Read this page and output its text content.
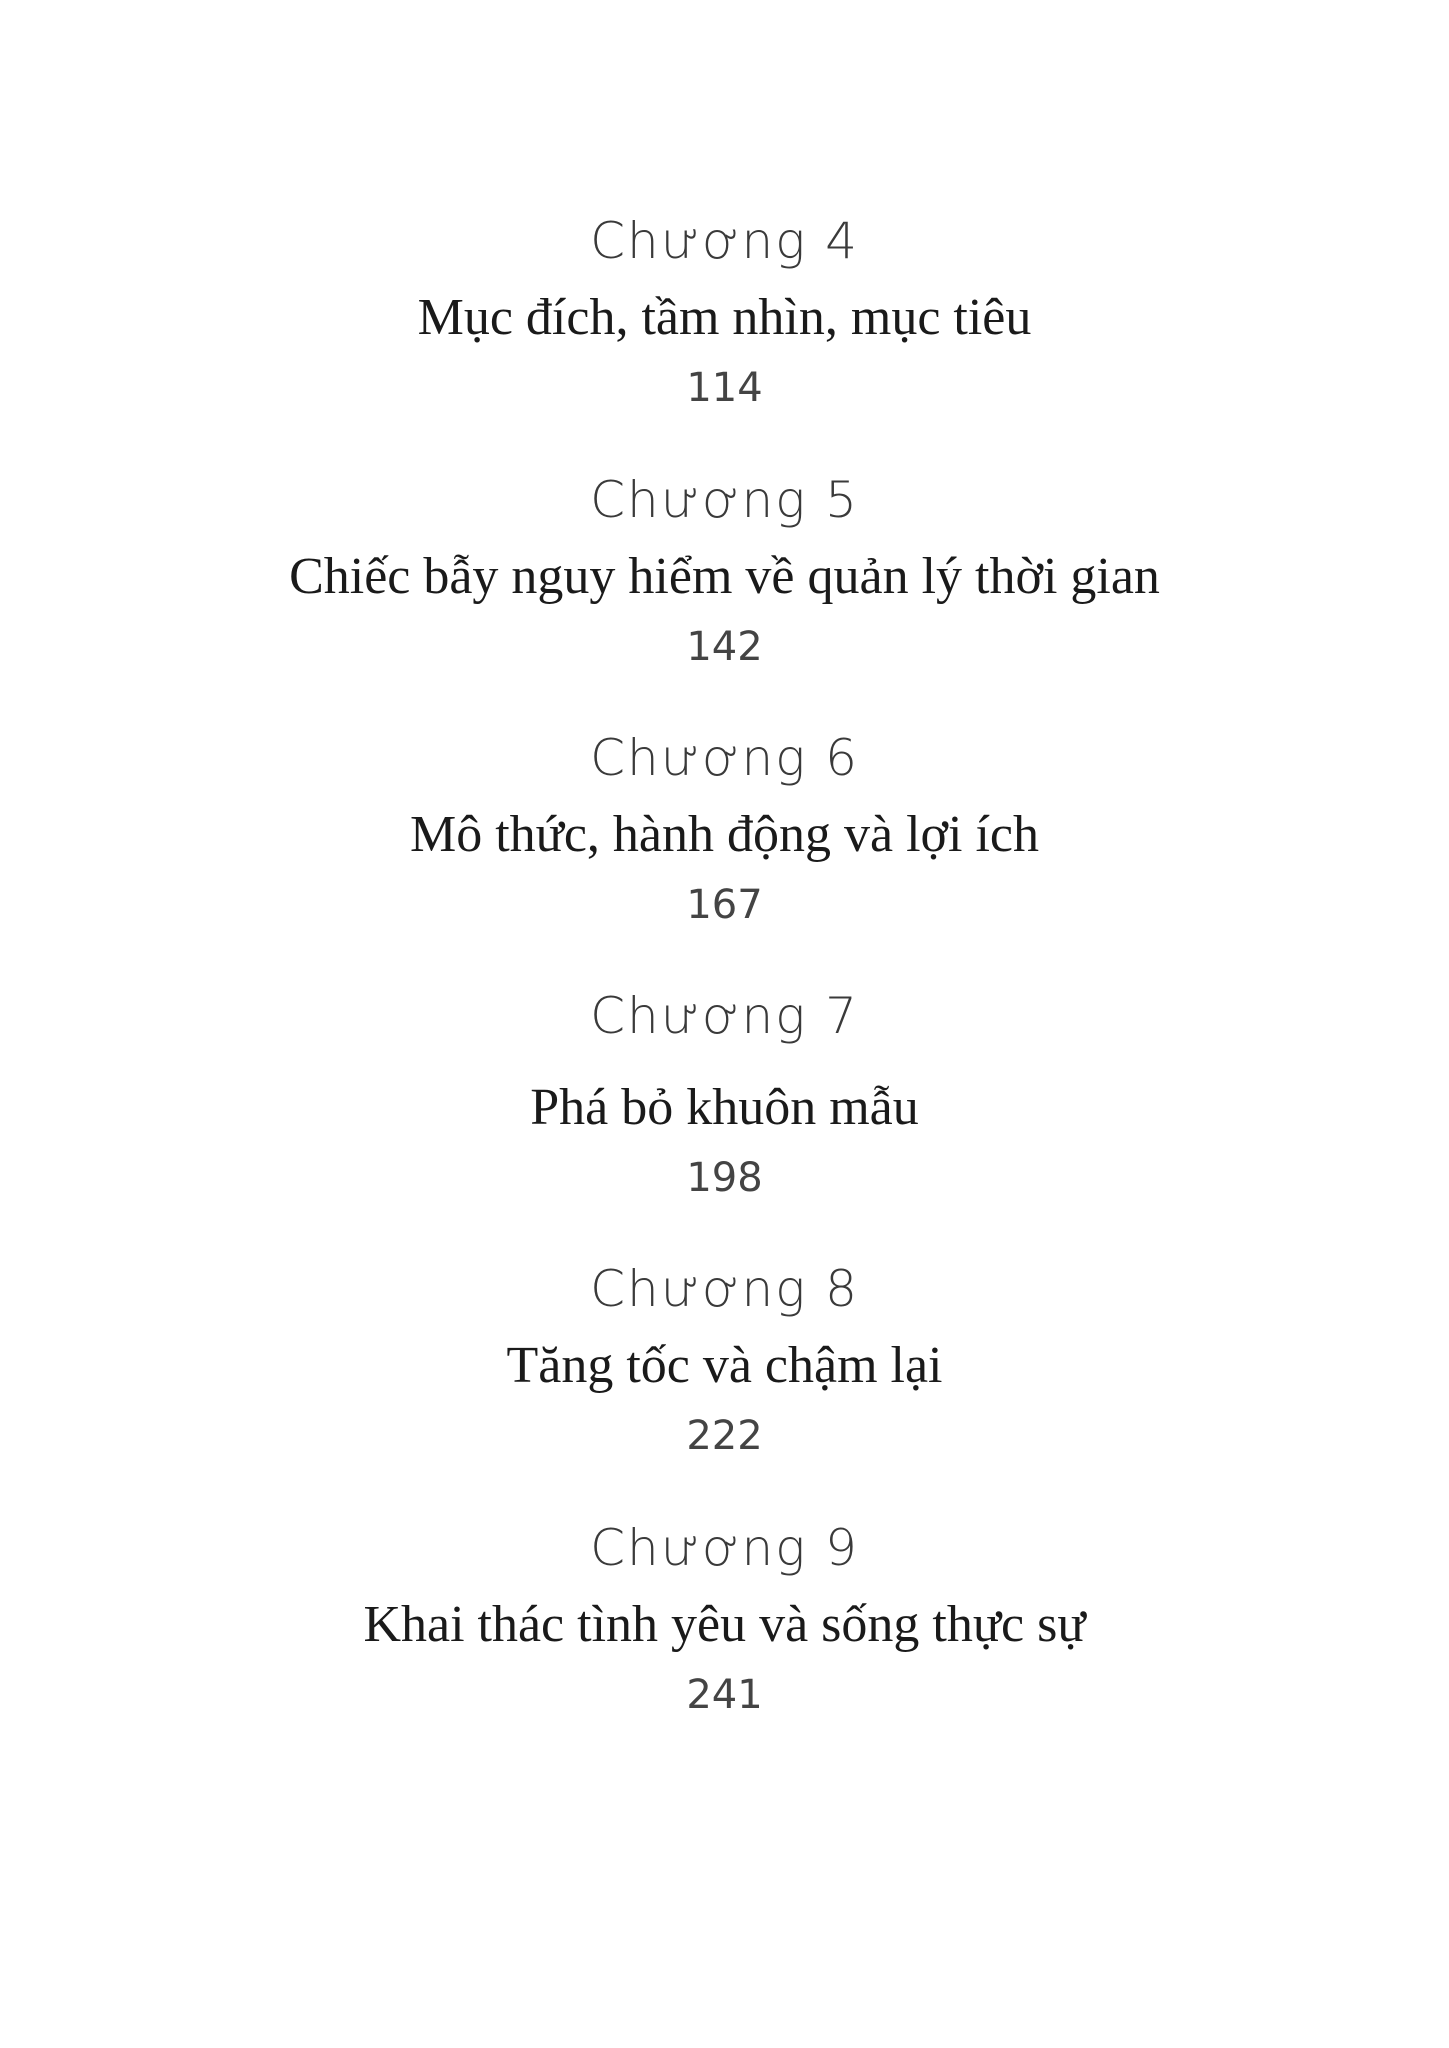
Chương 4
Mục đích, tầm nhìn, mục tiêu
114
Chương 5
Chiếc bẫy nguy hiểm về quản lý thời gian
142
Chương 6
Mô thức, hành động và lợi ích
167
Chương 7
Phá bỏ khuôn mẫu
198
Chương 8
Tăng tốc và chậm lại
222
Chương 9
Khai thác tình yêu và sống thực sự
241
